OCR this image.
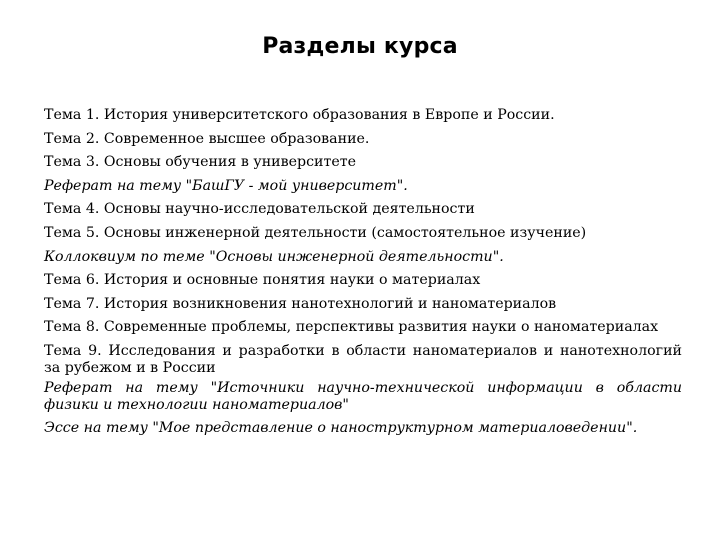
Разделы курса

Тема 1. История университетского образования в Европе и России.

Тема 2. Современное высшее образование.

Тема 3. Основы обучения в университете

Реферат на тему "БашГУ - мой университет".

Тема 4. Основы научно-исследовательской деятельности

Тема 5. Основы инженерной деятельности (самостоятельное изучение)

Коллоквиум по теме "Основы инженерной деятельности".

Тема 6. История и основные понятия науки о материалах

Тема 7. История возникновения нанотехнологий и наноматериалов

Тема 8. Современные проблемы, перспективы развития науки о наноматериалах

Тема 9. Исследования и разработки в области наноматериалов и нанотехнологий за рубежом и в России

Реферат на тему "Источники научно-технической информации в области физики и технологии наноматериалов"

Эссе на тему "Мое представление о наноструктурном материаловедении".
